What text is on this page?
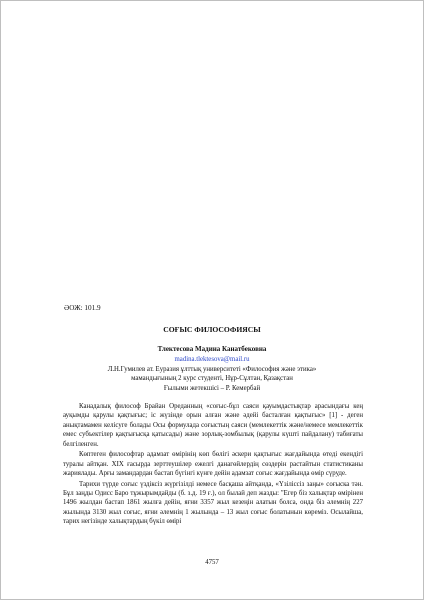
ӘОЖ: 101.9
СОҒЫС ФИЛОСОФИЯСЫ
Тлектесова Мадина Канатбековна
madina.tlektesova@mail.ru
Л.Н.Гумилев ат. Еуразия ұлттық университеті «Философия және этика»
мамандығының 2 курс студенті, Нұр-Сұлтан, Қазақстан
Ғылыми жетекшісі – Р. Кемербай

Канадалық философ Брайан Ореданның «соғыс-бұл саяси қауымдастықтар арасындағы кең ауқымды қарулы қақтығыс; іс жүзінде орын алған және әдейі басталған қақтығыс» [1] - деген анықтамамен келісуге болады Осы формулада соғыстың саяси (мемлекеттік және/немесе мемлекеттік емес субъектілер қақтығысқа қатысады) және зорлық-зомбылық (қарулы күшті пайдалану) табиғаты белгіленген.

Көптеген философтар адамзат өмірінің көп бөлігі әскери қақтығыс жағдайында өтеді екендігі туралы айтқан. XIX ғасырда зерттеушілер ежелгі данагөйлердің сөздерін растайтын статистиканы жариялады. Арғы замандардан бастап бүгінгі күнге дейін адамзат соғыс жағдайында өмір сүруде.

Тарихи түрде соғыс үздіксіз жүргізілді немесе басқаша айтқанда, «Үзіліссіз заңы» соғыска тән. Бұл заңды Одисс Баро тұжырымдайды (б. з.д. 19 ғ.), ол былай деп жазды: "Егер біз халықтар өмірінен 1496 жылдан бастап 1861 жылға дейін, яғни 3357 жыл кезеңін алатын болса, онда біз әлемнің 227 жылында 3130 жыл соғыс, яғни әлемнің 1 жылында – 13 жыл соғыс болатынын көреміз. Осылайша, тарих негізінде халықтардың бүкіл өмірі

4757
